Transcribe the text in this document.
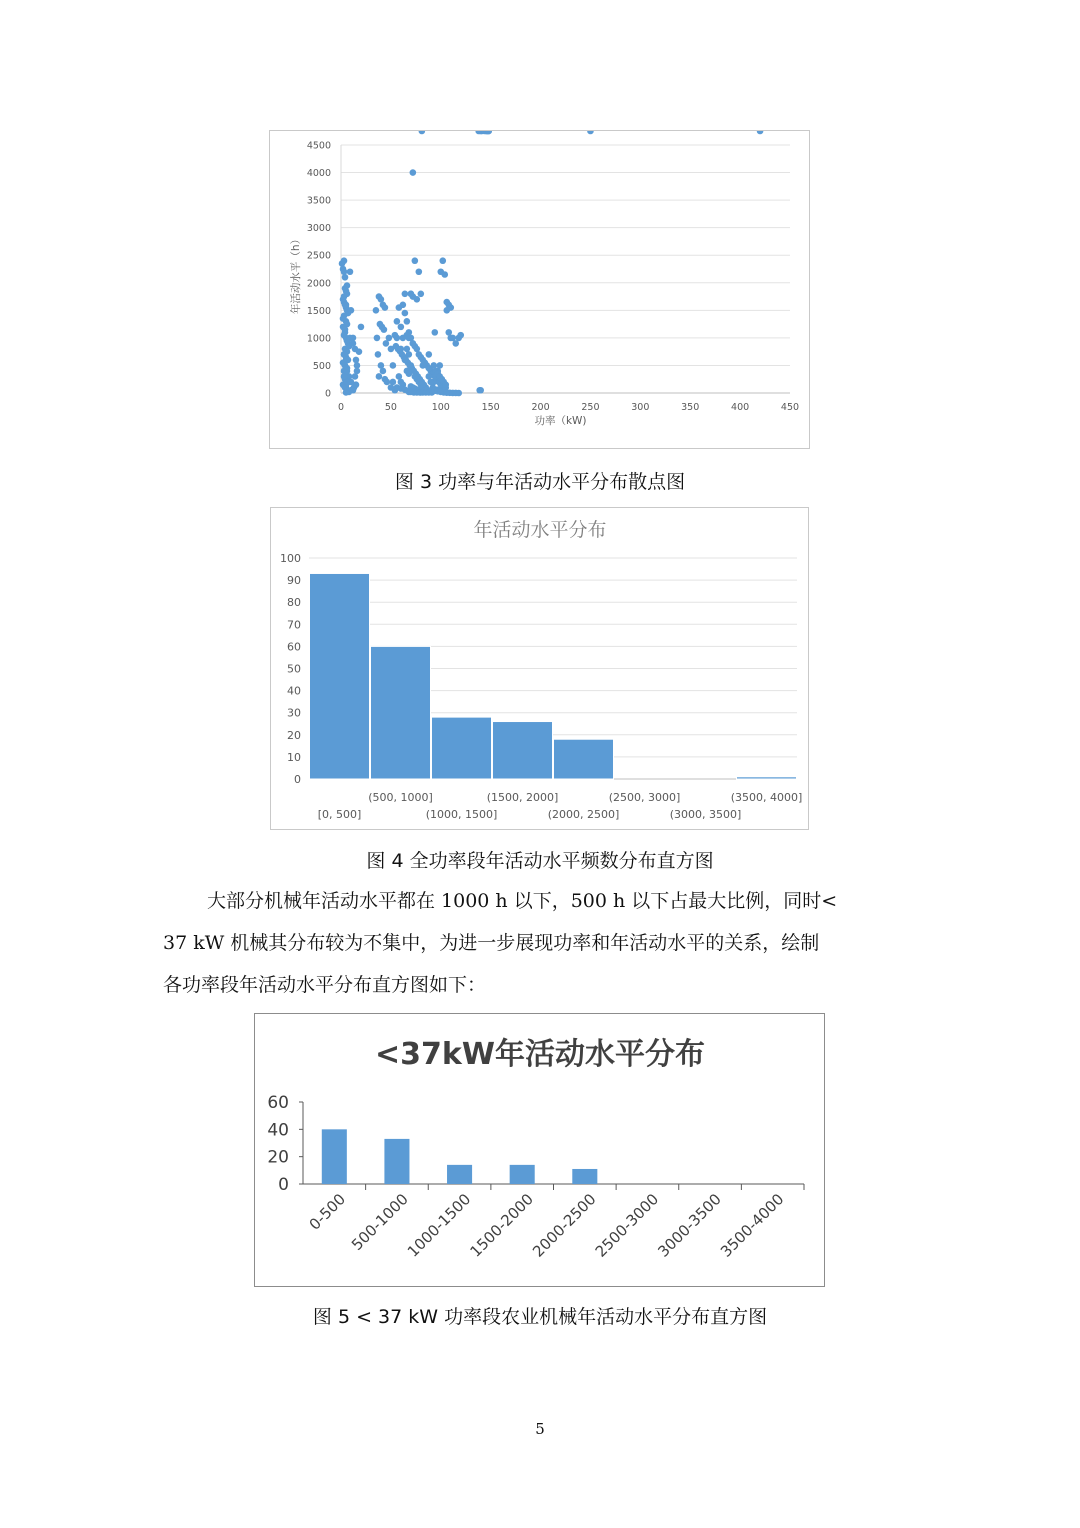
0
500
1000
1500
2000
2500
3000
3500
4000
4500
0	50	100	150	200	250	300	350	400	450
功率（kW)
年活动水平（h）
图 3 功率与年活动水平分布散点图
年活动水平分布
0
10
20
30
40
50
60
70
80
90
100
[0, 500]
(500, 1000]
(1000, 1500]
(1500, 2000]
(2000, 2500]
(2500, 3000]
(3000, 3500]
(3500, 4000]
图 4 全功率段年活动水平频数分布直方图
大部分机械年活动水平都在 1000 h 以下，500 h 以下占最大比例，同时<
37 kW 机械其分布较为不集中，为进一步展现功率和年活动水平的关系，绘制
各功率段年活动水平分布直方图如下：
<37kW年活动水平分布
0
20
40
60
0-500
500-1000
1000-1500
1500-2000
2000-2500
2500-3000
3000-3500
3500-4000
图 5 < 37 kW 功率段农业机械年活动水平分布直方图
5
